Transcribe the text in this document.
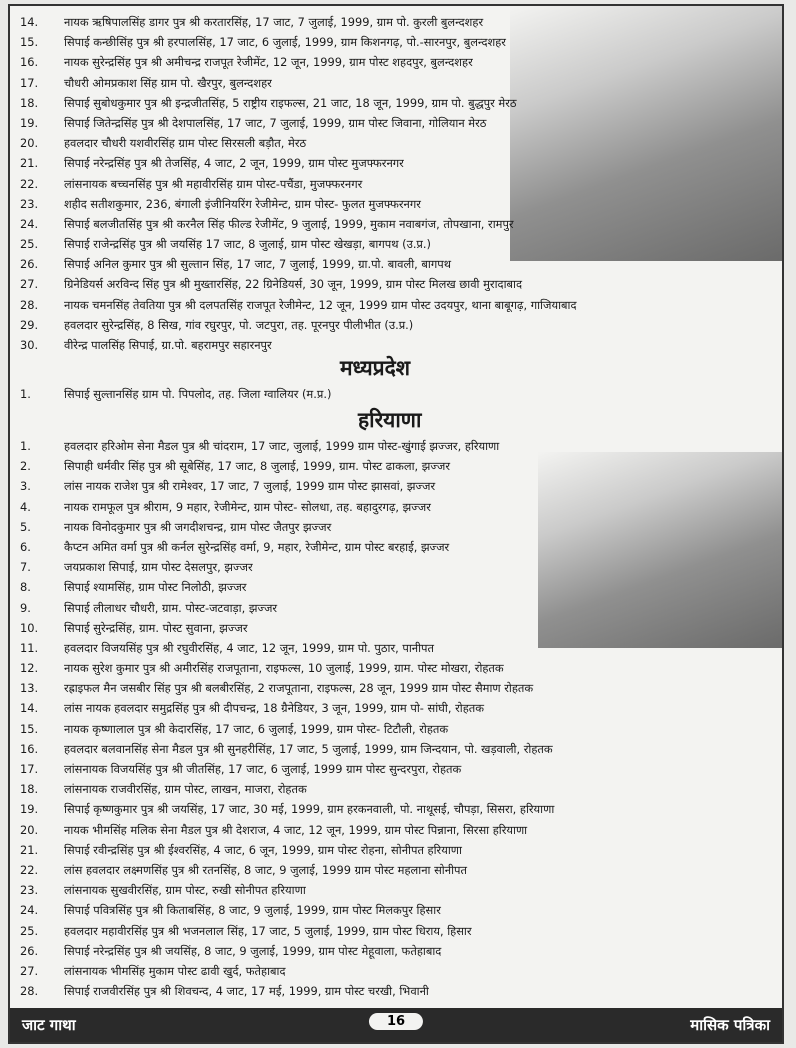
14.	नायक ऋषिपालसिंह डागर पुत्र श्री करतारसिंह, 17 जाट, 7 जुलाई, 1999, ग्राम पो. कुरली बुलन्दशहर
15.	सिपाई कन्छीसिंह पुत्र श्री हरपालसिंह, 17 जाट, 6 जुलाई, 1999, ग्राम किशनगढ़, पो.-सारनपुर, बुलन्दशहर
16.	नायक सुरेन्द्रसिंह पुत्र श्री अमीचन्द्र राजपूत रेजीमेंट, 12 जून, 1999, ग्राम पोस्ट शहदपुर, बुलन्दशहर
17.	चौधरी ओमप्रकाश सिंह ग्राम पो. खैरपुर, बुलन्दशहर
18.	सिपाई सुबोधकुमार पुत्र श्री इन्द्रजीतसिंह, 5 राष्ट्रीय राइफल्स, 21 जाट, 18 जून, 1999, ग्राम पो. बुद्धपुर मेरठ
19.	सिपाई जितेन्द्रसिंह पुत्र श्री देशपालसिंह, 17 जाट, 7 जुलाई, 1999, ग्राम पोस्ट जिवाना, गोलियान मेरठ
20.	हवलदार चौधरी यशवीरसिंह ग्राम पोस्ट सिरसली बड़ौत, मेरठ
21.	सिपाई नरेन्द्रसिंह पुत्र श्री तेजसिंह, 4 जाट, 2 जून, 1999, ग्राम पोस्ट मुजफ्फरनगर
22.	लांसनायक बच्चनसिंह पुत्र श्री महावीरसिंह ग्राम पोस्ट-पचैंडा, मुजफ्फरनगर
23.	शहीद सतीशकुमार, 236, बंगाली इंजीनियरिंग रेजीमेन्ट, ग्राम पोस्ट- फुलत मुजफ्फरनगर
24.	सिपाई बलजीतसिंह पुत्र श्री करनैल सिंह फील्ड रेजीमेंट, 9 जुलाई, 1999, मुकाम नवाबगंज, तोपखाना, रामपुर
25.	सिपाई राजेन्द्रसिंह पुत्र श्री जयसिंह 17 जाट, 8 जुलाई, ग्राम पोस्ट खेखड़ा, बागपथ (उ.प्र.)
26.	सिपाई अनिल कुमार पुत्र श्री सुल्तान सिंह, 17 जाट, 7 जुलाई, 1999, ग्रा.पो. बावली, बागपथ
27.	ग्रिनेडियर्स अरविन्द सिंह पुत्र श्री मुख्तारसिंह, 22 ग्रिनेडियर्स, 30 जून, 1999, ग्राम पोस्ट मिलख छावी मुरादाबाद
28.	नायक चमनसिंह तेवतिया पुत्र श्री दलपतसिंह राजपूत रेजीमेन्ट, 12 जून, 1999 ग्राम पोस्ट उदयपुर, थाना बाबूगढ़, गाजियाबाद
29.	हवलदार सुरेन्द्रसिंह, 8 सिख, गांव रघुरपुर, पो. जटपुरा, तह. पूरनपुर पीलीभीत (उ.प्र.)
30.	वीरेन्द्र पालसिंह सिपाई, ग्रा.पो. बहरामपुर सहारनपुर
मध्यप्रदेश
1.	सिपाई सुल्तानसिंह ग्राम पो. पिपलोद, तह. जिला ग्वालियर (म.प्र.)
हरियाणा
1.	हवलदार हरिओम सेना मैडल पुत्र श्री चांदराम, 17 जाट, जुलाई, 1999 ग्राम पोस्ट-खुंगाई झज्जर, हरियाणा
2.	सिपाही धर्मवीर सिंह पुत्र श्री सूबेसिंह, 17 जाट, 8 जुलाई, 1999, ग्राम. पोस्ट ढाकला, झज्जर
3.	लांस नायक राजेश पुत्र श्री रामेश्वर, 17 जाट, 7 जुलाई, 1999 ग्राम पोस्ट झासवां, झज्जर
4.	नायक रामफूल पुत्र श्रीराम, 9 महार, रेजीमेन्ट, ग्राम पोस्ट- सोलधा, तह. बहादुरगढ़, झज्जर
5.	नायक विनोदकुमार पुत्र श्री जगदीशचन्द्र, ग्राम पोस्ट जैतपुर झज्जर
6.	कैप्टन अमित वर्मा पुत्र श्री कर्नल सुरेन्द्रसिंह वर्मा, 9, महार, रेजीमेन्ट, ग्राम पोस्ट बरहाई, झज्जर
7.	जयप्रकाश सिपाई, ग्राम पोस्ट देसलपुर, झज्जर
8.	सिपाई श्यामसिंह, ग्राम पोस्ट निलोठी, झज्जर
9.	सिपाई लीलाधर चौधरी, ग्राम. पोस्ट-जटवाड़ा, झज्जर
10.	सिपाई सुरेन्द्रसिंह, ग्राम. पोस्ट सुवाना, झज्जर
11.	हवलदार विजयसिंह पुत्र श्री रघुवीरसिंह, 4 जाट, 12 जून, 1999, ग्राम पो. पुठार, पानीपत
12.	नायक सुरेश कुमार पुत्र श्री अमीरसिंह राजपूताना, राइफल्स, 10 जुलाई, 1999, ग्राम. पोस्ट मोखरा, रोहतक
13.	रह्राइफल मैन जसबीर सिंह पुत्र श्री बलबीरसिंह, 2 राजपूताना, राइफल्स, 28 जून, 1999 ग्राम पोस्ट सैमाण रोहतक
14.	लांस नायक हवलदार समुद्रसिंह पुत्र श्री दीपचन्द्र, 18 ग्रैनेडियर, 3 जून, 1999, ग्राम पो- सांघी, रोहतक
15.	नायक कृष्णालाल पुत्र श्री केदारसिंह, 17 जाट, 6 जुलाई, 1999, ग्राम पोस्ट- टिटौली, रोहतक
16.	हवलदार बलवानसिंह सेना मैडल पुत्र श्री सुनहरीसिंह, 17 जाट, 5 जुलाई, 1999, ग्राम जिन्दयान, पो. खड़वाली, रोहतक
17.	लांसनायक विजयसिंह पुत्र श्री जीतसिंह, 17 जाट, 6 जुलाई, 1999 ग्राम पोस्ट सुन्दरपुरा, रोहतक
18.	लांसनायक राजवीरसिंह, ग्राम पोस्ट, लाखन, माजरा, रोहतक
19.	सिपाई कृष्णकुमार पुत्र श्री जयसिंह, 17 जाट, 30 मई, 1999, ग्राम हरकनवाली, पो. नाथूसई, चौपड़ा, सिसरा, हरियाणा
20.	नायक भीमसिंह मलिक सेना मैडल पुत्र श्री देशराज, 4 जाट, 12 जून, 1999, ग्राम पोस्ट पिन्नाना, सिरसा हरियाणा
21.	सिपाई रवीन्द्रसिंह पुत्र श्री ईश्वरसिंह, 4 जाट, 6 जून, 1999, ग्राम पोस्ट रोहना, सोनीपत हरियाणा
22.	लांस हवलदार लक्ष्मणसिंह पुत्र श्री रतनसिंह, 8 जाट, 9 जुलाई, 1999 ग्राम पोस्ट महलाना सोनीपत
23.	लांसनायक सुखवीरसिंह, ग्राम पोस्ट, रुखी सोनीपत हरियाणा
24.	सिपाई पवित्रसिंह पुत्र श्री किताबसिंह, 8 जाट, 9 जुलाई, 1999, ग्राम पोस्ट मिलकपुर हिसार
25.	हवलदार महावीरसिंह पुत्र श्री भजनलाल सिंह, 17 जाट, 5 जुलाई, 1999, ग्राम पोस्ट धिराय, हिसार
26.	सिपाई नरेन्द्रसिंह पुत्र श्री जयसिंह, 8 जाट, 9 जुलाई, 1999, ग्राम पोस्ट मेहूवाला, फतेहाबाद
27.	लांसनायक भीमसिंह मुकाम पोस्ट ढावी खुर्द, फतेहाबाद
28.	सिपाई राजवीरसिंह पुत्र श्री शिवचन्द, 4 जाट, 17 मई, 1999, ग्राम पोस्ट चरखी, भिवानी
जाट गाथा	16	मासिक पत्रिका
